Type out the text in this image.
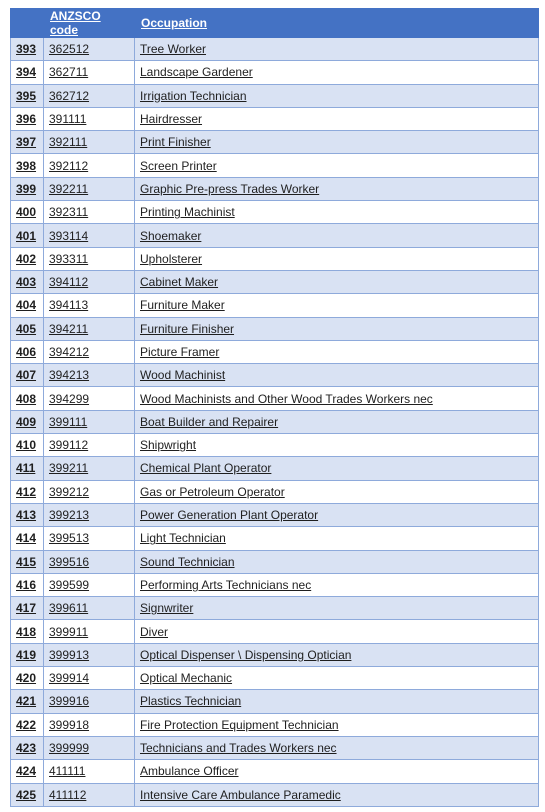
	ANZSCO code	Occupation
393	362512	Tree Worker
394	362711	Landscape Gardener
395	362712	Irrigation Technician
396	391111	Hairdresser
397	392111	Print Finisher
398	392112	Screen Printer
399	392211	Graphic Pre-press Trades Worker
400	392311	Printing Machinist
401	393114	Shoemaker
402	393311	Upholsterer
403	394112	Cabinet Maker
404	394113	Furniture Maker
405	394211	Furniture Finisher
406	394212	Picture Framer
407	394213	Wood Machinist
408	394299	Wood Machinists and Other Wood Trades Workers nec
409	399111	Boat Builder and Repairer
410	399112	Shipwright
411	399211	Chemical Plant Operator
412	399212	Gas or Petroleum Operator
413	399213	Power Generation Plant Operator
414	399513	Light Technician
415	399516	Sound Technician
416	399599	Performing Arts Technicians nec
417	399611	Signwriter
418	399911	Diver
419	399913	Optical Dispenser \ Dispensing Optician
420	399914	Optical Mechanic
421	399916	Plastics Technician
422	399918	Fire Protection Equipment Technician
423	399999	Technicians and Trades Workers nec
424	411111	Ambulance Officer
425	411112	Intensive Care Ambulance Paramedic
